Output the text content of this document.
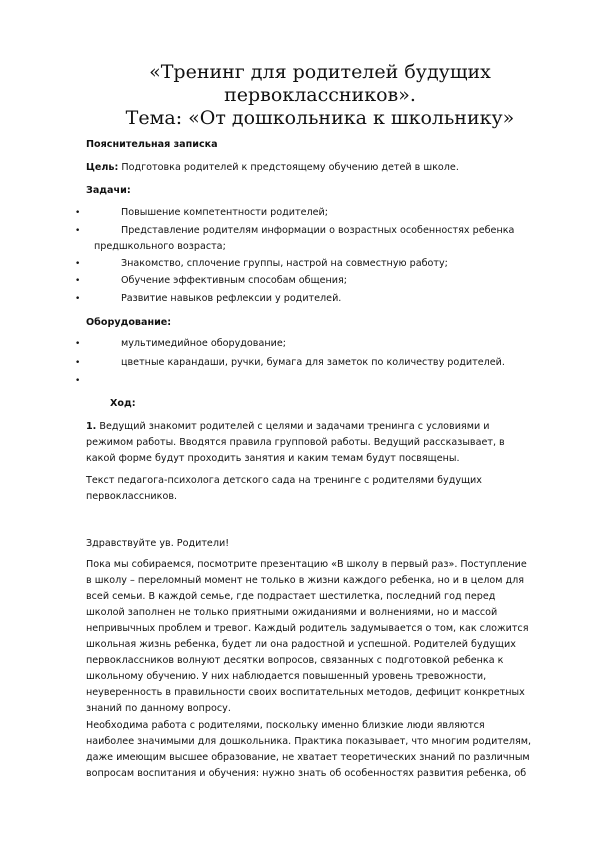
«Тренинг для родителей будущих
первоклассников».
Тема: «От дошкольника к школьнику»
Пояснительная записка
Цель: Подготовка родителей к предстоящему обучению детей в школе.
Задачи:
•	Повышение компетентности родителей;
•	Представление родителям информации о возрастных особенностях ребенка
предшкольного возраста;
•	Знакомство, сплочение группы, настрой на совместную работу;
•	Обучение эффективным способам общения;
•	Развитие навыков рефлексии у родителей.
Оборудование:
•	мультимедийное оборудование;
•	цветные карандаши, ручки, бумага для заметок по количеству родителей.
•
Ход:
1. Ведущий знакомит родителей с целями и задачами тренинга с условиями и
режимом работы. Вводятся правила групповой работы. Ведущий рассказывает, в
какой форме будут проходить занятия и каким темам будут посвящены.
Текст педагога-психолога детского сада на тренинге с родителями будущих
первоклассников.
Здравствуйте ув. Родители!
Пока мы собираемся, посмотрите презентацию «В школу в первый раз». Поступление
в школу – переломный момент не только в жизни каждого ребенка, но и в целом для
всей семьи. В каждой семье, где подрастает шестилетка, последний год перед
школой заполнен не только приятными ожиданиями и волнениями, но и массой
непривычных проблем и тревог. Каждый родитель задумывается о том, как сложится
школьная жизнь ребенка, будет ли она радостной и успешной. Родителей будущих
первоклассников волнуют десятки вопросов, связанных с подготовкой ребенка к
школьному обучению. У них наблюдается повышенный уровень тревожности,
неуверенность в правильности своих воспитательных методов, дефицит конкретных
знаний по данному вопросу.
Необходима работа с родителями, поскольку именно близкие люди являются
наиболее значимыми для дошкольника. Практика показывает, что многим родителям,
даже имеющим высшее образование, не хватает теоретических знаний по различным
вопросам воспитания и обучения: нужно знать об особенностях развития ребенка, об
